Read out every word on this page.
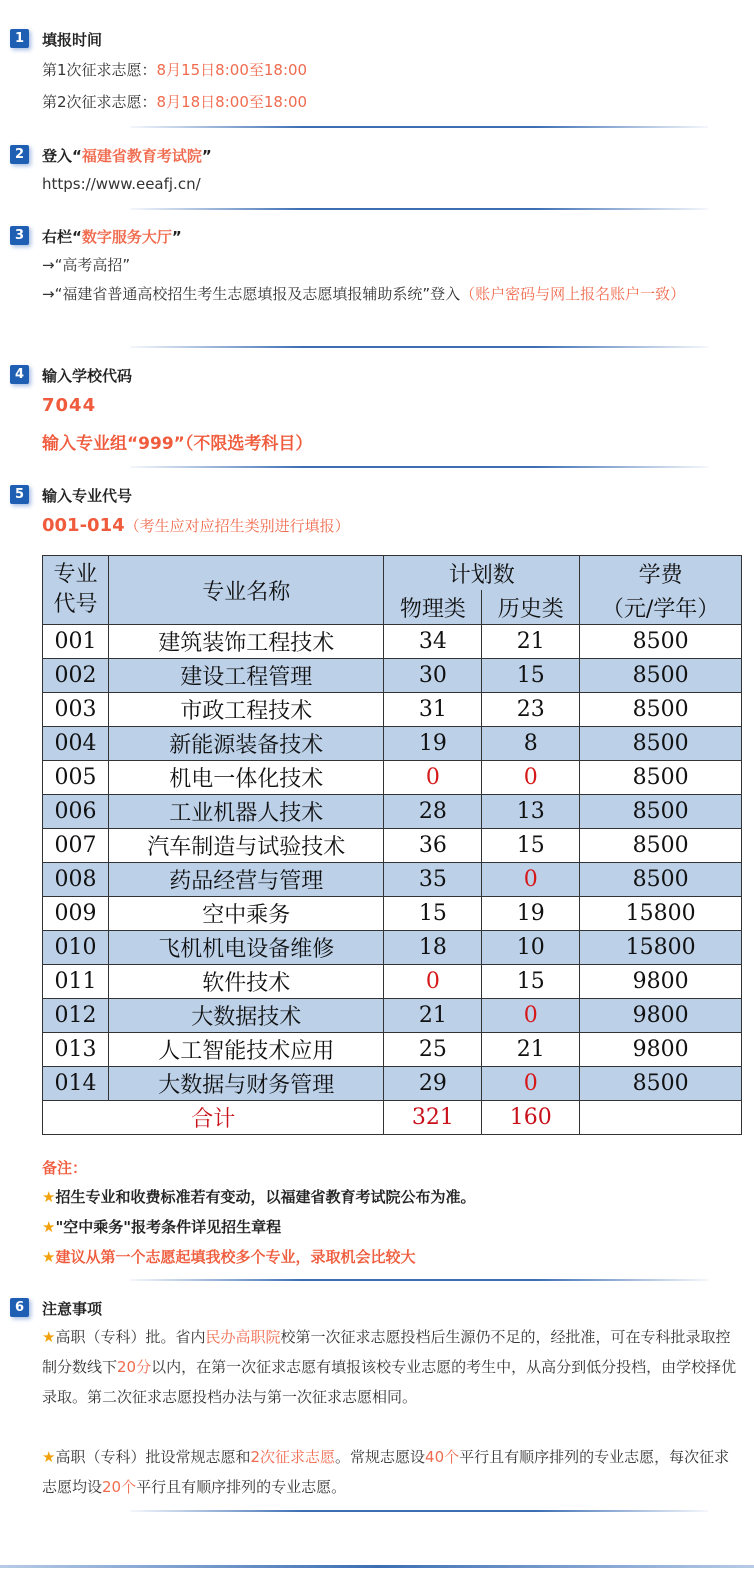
1	填报时间
第1次征求志愿：8月15日8:00至18:00
第2次征求志愿：8月18日8:00至18:00
2	登入“福建省教育考试院”
https://www.eeafj.cn/
3	右栏“数字服务大厅”
→“高考高招”
→“福建省普通高校招生考生志愿填报及志愿填报辅助系统”登入（账户密码与网上报名账户一致）
4	输入学校代码
7044
输入专业组“999”（不限选考科目）
5	输入专业代号
001-014（考生应对应招生类别进行填报）
专业代号	专业名称	计划数		学费
		物理类	历史类	（元/学年）
001	建筑装饰工程技术	34	21	8500
002	建设工程管理	30	15	8500
003	市政工程技术	31	23	8500
004	新能源装备技术	19	8	8500
005	机电一体化技术	0	0	8500
006	工业机器人技术	28	13	8500
007	汽车制造与试验技术	36	15	8500
008	药品经营与管理	35	0	8500
009	空中乘务	15	19	15800
010	飞机机电设备维修	18	10	15800
011	软件技术	0	15	9800
012	大数据技术	21	0	9800
013	人工智能技术应用	25	21	9800
014	大数据与财务管理	29	0	8500
合计		321	160	
备注：
★招生专业和收费标准若有变动，以福建省教育考试院公布为准。
★"空中乘务"报考条件详见招生章程
★建议从第一个志愿起填我校多个专业，录取机会比较大
6	注意事项
★高职（专科）批。省内民办高职院校第一次征求志愿投档后生源仍不足的，经批准，可在专科批录取控制分数线下20分以内，在第一次征求志愿有填报该校专业志愿的考生中，从高分到低分投档，由学校择优录取。第二次征求志愿投档办法与第一次征求志愿相同。
★高职（专科）批设常规志愿和2次征求志愿。常规志愿设40个平行且有顺序排列的专业志愿，每次征求志愿均设20个平行且有顺序排列的专业志愿。
